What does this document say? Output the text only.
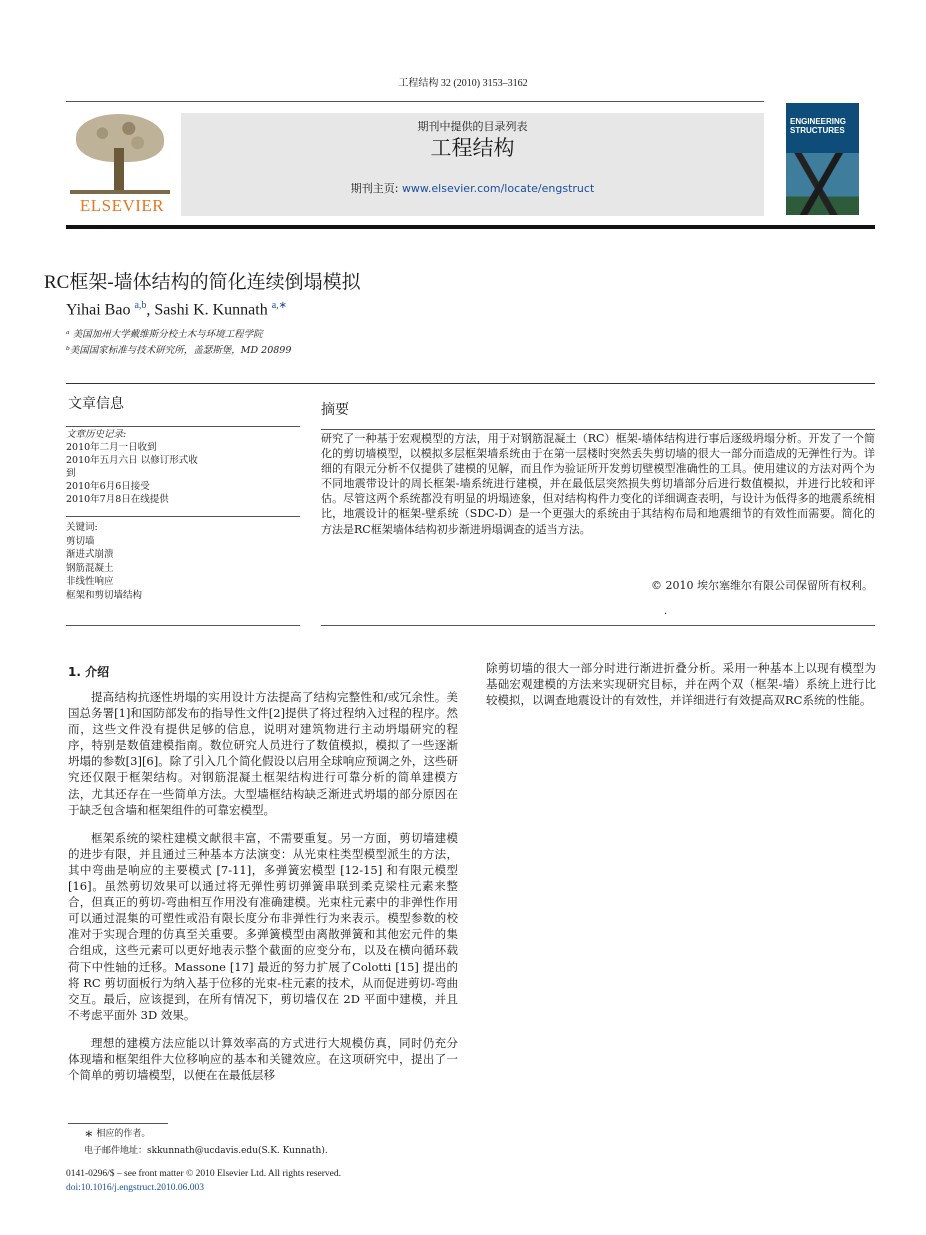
工程结构 32 (2010) 3153–3162
ELSEVIER
期刊中提供的目录列表
工程结构
期刊主页: www.elsevier.com/locate/engstruct
ENGINEERING
STRUCTURES
RC框架-墙体结构的简化连续倒塌模拟
Yihai Bao $^{a,b}$, Sashi K. Kunnath $^{a,∗}$
ᵃ 美国加州大学戴维斯分校土木与环境工程学院
ᵇ美国国家标准与技术研究所，盖瑟斯堡，MD 20899
文章信息	摘要
文章历史记录:
2010年二月一日收到
2010年五月六日 以修订形式收到
2010年6月6日接受
2010年7月8日在线提供
关键词:
剪切墙
渐进式崩溃
钢筋混凝土
非线性响应
框架和剪切墙结构
研究了一种基于宏观模型的方法，用于对钢筋混凝土（RC）框架-墙体结构进行事后逐级坍塌分析。开发了一个简化的剪切墙模型，以模拟多层框架墙系统由于在第一层楼时突然丢失剪切墙的很大一部分而造成的无弹性行为。详细的有限元分析不仅提供了建模的见解，而且作为验证所开发剪切壁模型准确性的工具。使用建议的方法对两个为不同地震带设计的周长框架-墙系统进行建模，并在最低层突然损失剪切墙部分后进行数值模拟，并进行比较和评估。尽管这两个系统都没有明显的坍塌迹象，但对结构构件力变化的详细调查表明，与设计为低得多的地震系统相比，地震设计的框架-壁系统（SDC-D）是一个更强大的系统由于其结构布局和地震细节的有效性而需要。简化的方法是RC框架墙体结构初步渐进坍塌调查的适当方法。
© 2010 埃尔塞维尔有限公司保留所有权利。
.
1. 介绍

提高结构抗逐性坍塌的实用设计方法提高了结构完整性和/或冗余性。美国总务署[1]和国防部发布的指导性文件[2]提供了将过程纳入过程的程序。然而，这些文件没有提供足够的信息，说明对建筑物进行主动坍塌研究的程序，特别是数值建模指南。数位研究人员进行了数值模拟，模拟了一些逐渐坍塌的参数[3][6]。除了引入几个简化假设以启用全球响应预调之外，这些研究还仅限于框架结构。对钢筋混凝土框架结构进行可靠分析的简单建模方法，尤其还存在一些简单方法。大型墙框结构缺乏渐进式坍塌的部分原因在于缺乏包含墙和框架组件的可靠宏模型。

框架系统的梁柱建模文献很丰富，不需要重复。另一方面，剪切墙建模的进步有限，并且通过三种基本方法演变：从光束柱类型模型派生的方法，其中弯曲是响应的主要模式 [7-11]，多弹簧宏模型 [12-15] 和有限元模型[16]。虽然剪切效果可以通过将无弹性剪切弹簧串联到柔克梁柱元素来整合，但真正的剪切-弯曲相互作用没有准确建模。光束柱元素中的非弹性作用可以通过混集的可塑性或沿有限长度分布非弹性行为来表示。模型参数的校准对于实现合理的仿真至关重要。多弹簧模型由离散弹簧和其他宏元件的集合组成，这些元素可以更好地表示整个截面的应变分布，以及在横向循环载荷下中性轴的迁移。Massone [17] 最近的努力扩展了Colotti [15] 提出的将 RC 剪切面板行为纳入基于位移的光束-柱元素的技术，从而促进剪切-弯曲交互。最后，应该提到，在所有情况下，剪切墙仅在 2D 平面中建模，并且不考虑平面外 3D 效果。

理想的建模方法应能以计算效率高的方式进行大规模仿真，同时仍充分体现墙和框架组件大位移响应的基本和关键效应。在这项研究中，提出了一个简单的剪切墙模型，以便在在最低层移

除剪切墙的很大一部分时进行渐进折叠分析。采用一种基本上以现有模型为基础宏观建模的方法来实现研究目标，并在两个双（框架-墙）系统上进行比较模拟，以调查地震设计的有效性，并详细进行有效提高双RC系统的性能。

∗ 相应的作者。
电子邮件地址：skkunnath@ucdavis.edu(S.K. Kunnath).
0141-0296/$ – see front matter © 2010 Elsevier Ltd. All rights reserved.
doi:10.1016/j.engstruct.2010.06.003
